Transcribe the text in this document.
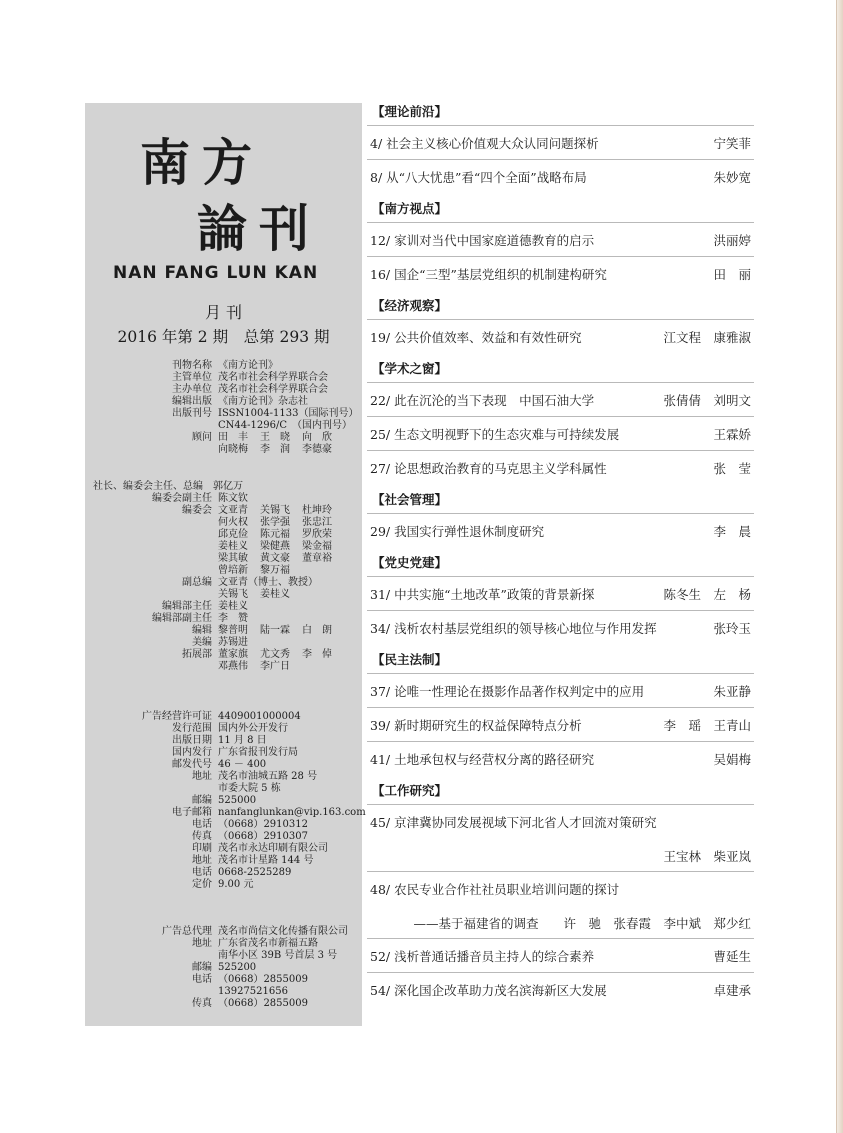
南方
論刊
NAN FANG LUN KAN
月 刊
2016 年第 2 期　总第 293 期
刊物名称 《南方论刊》
主管单位 茂名市社会科学界联合会
主办单位 茂名市社会科学界联合会
编辑出版 《南方论刊》杂志社
出版刊号 ISSN1004-1133（国际刊号）
CN44-1296/C　（国内刊号）
顾问 田　丰	王　晓	向　欣
向晓梅	李　润	李德豪
社长、编委会主任、总编　郭亿万
编委会副主任 陈文钦
编委会 文亚青	关锡飞	杜坤玲
何火权	张学强	张忠江
邱克俭	陈元福	罗欣荣
姜桂义	梁健燕	梁金福
梁其敏	黄文豪	董章裕
曾培新	黎万福
副总编 文亚青（博士、教授）
关锡飞	姜桂义
编辑部主任 姜桂义
编辑部副主任 李　赞
编辑 黎普明	陆一霖	白　朗
美编 苏锡进
拓展部 董家旗	尤文秀	李　倬
邓燕伟	李广日
广告经营许可证 4409001000004
发行范围 国内外公开发行
出版日期 11 月 8 日
国内发行 广东省报刊发行局
邮发代号 46 － 400
地址 茂名市油城五路 28 号
市委大院 5 栋
邮编 525000
电子邮箱 nanfanglunkan@vip.163.com
电话 （0668）2910312
传真 （0668）2910307
印刷 茂名市永达印刷有限公司
地址 茂名市计星路 144 号
电话 0668-2525289
定价 9.00 元
广告总代理 茂名市尚信文化传播有限公司
地址 广东省茂名市新福五路
南华小区 39B 号首层 3 号
邮编 525200
电话 （0668）2855009
13927521656
传真 （0668）2855009
【理论前沿】
4/ 社会主义核心价值观大众认同问题探析	宁笑菲
8/ 从“八大忧患”看“四个全面”战略布局	朱妙宽
【南方视点】
12/ 家训对当代中国家庭道德教育的启示	洪丽婷
16/ 国企“三型”基层党组织的机制建构研究	田　丽
【经济观察】
19/ 公共价值效率、效益和有效性研究	江文程　康雅淑
【学术之窗】
22/ 此在沉沦的当下表现　中国石油大学	张倩倩　刘明文
25/ 生态文明视野下的生态灾难与可持续发展	王霖娇
27/ 论思想政治教育的马克思主义学科属性	张　莹
【社会管理】
29/ 我国实行弹性退休制度研究	李　晨
【党史党建】
31/ 中共实施“土地改革”政策的背景新探	陈冬生　左　杨
34/ 浅析农村基层党组织的领导核心地位与作用发挥	张玲玉
【民主法制】
37/ 论唯一性理论在摄影作品著作权判定中的应用	朱亚静
39/ 新时期研究生的权益保障特点分析	李　瑶　王青山
41/ 土地承包权与经营权分离的路径研究	吴娟梅
【工作研究】
45/ 京津冀协同发展视域下河北省人才回流对策研究
王宝林　柴亚岚
48/ 农民专业合作社社员职业培训问题的探讨
——基于福建省的调查　　许　驰　张春霞　李中斌　郑少红
52/ 浅析普通话播音员主持人的综合素养	曹延生
54/ 深化国企改革助力茂名滨海新区大发展	卓建承
